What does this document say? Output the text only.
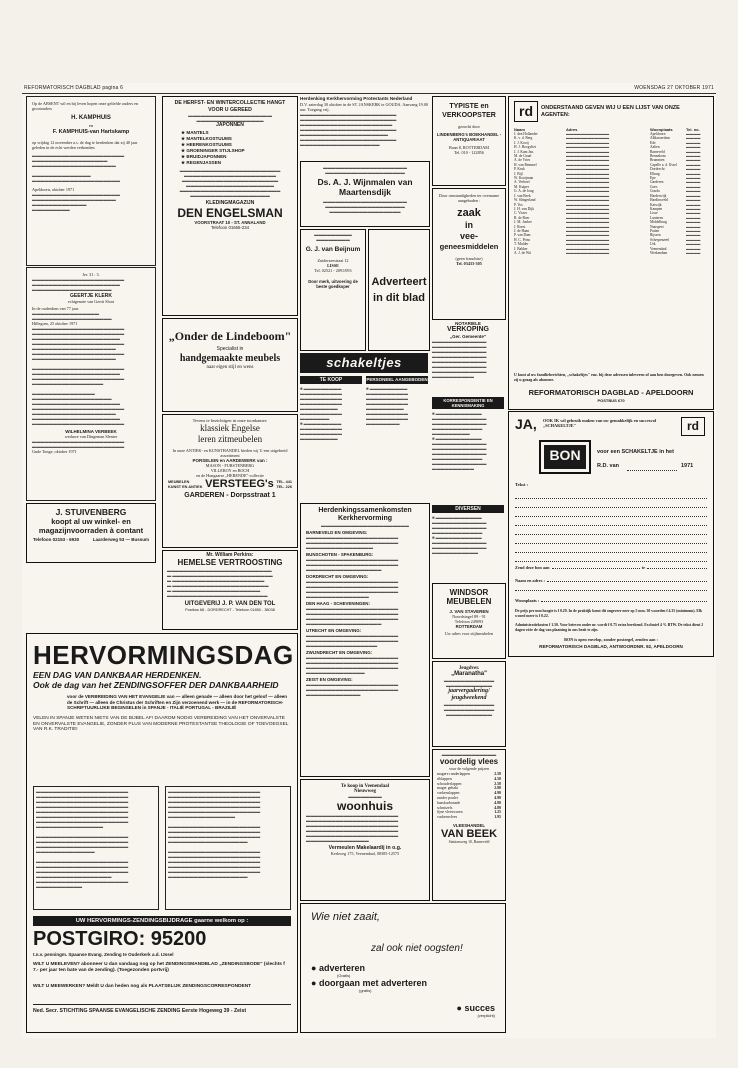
REFORMATORISCH DAGBLAD pagina 6	WOENSDAG 27 OKTOBER 1971
Op de ABSENT wil en bij leven hopen onze geliefde ouders en grootouders
H. KAMPHUIS
en
F. KAMPHUIS-van Hartskamp
op vrijdag 12 november a.s. de dag te herdenken dat zij 40 jaar geleden in de echt werden verbonden.
▬▬▬▬▬▬▬▬▬▬▬▬▬▬▬▬▬▬▬▬▬▬
▬▬▬▬▬▬▬▬▬▬▬▬▬▬▬▬▬▬
▬▬▬▬▬▬▬▬▬▬▬▬▬▬▬▬▬▬▬▬

▬▬▬▬▬▬▬▬▬▬▬▬▬▬
▬▬▬▬▬▬▬▬▬▬▬▬▬▬▬▬▬▬▬▬▬
Apeldoorn, oktober 1971
▬▬▬▬▬▬▬▬▬▬▬▬▬▬▬▬▬▬▬▬▬
▬▬▬▬▬▬▬▬▬▬▬▬▬▬▬▬▬▬▬▬
▬▬▬▬▬▬▬▬▬▬▬▬▬
▬▬▬▬▬▬▬▬▬
Jer. 31 : 3.
▬▬▬▬▬▬▬▬▬▬▬▬▬▬▬▬▬▬▬▬▬▬
▬▬▬▬▬▬▬▬▬▬▬▬▬▬▬▬▬▬▬▬▬
▬▬▬▬▬▬▬▬▬▬▬▬▬▬▬▬▬▬▬
GEERTJE KLERK
echtgenote van Gerrit Sloot
In de ouderdom van 77 jaar.
▬▬▬▬▬▬▬▬▬▬▬▬▬▬▬▬
▬▬▬▬▬▬▬▬▬▬▬▬▬▬▬▬▬▬▬
Hillegom, 25 oktober 1971
▬▬▬▬▬▬▬▬▬▬▬▬▬▬▬▬▬▬▬▬▬▬
▬▬▬▬▬▬▬▬▬▬▬▬▬▬▬▬▬▬▬▬▬▬
▬▬▬▬▬▬▬▬▬▬▬▬▬▬▬▬▬▬▬▬▬
▬▬▬▬▬▬▬▬▬▬▬▬▬▬▬▬▬▬▬▬▬▬
▬▬▬▬▬▬▬▬▬▬▬▬▬▬▬▬▬▬▬▬
▬▬▬▬▬▬▬▬▬▬▬▬▬▬▬▬▬▬▬▬▬▬
▬▬▬▬▬▬▬▬▬▬▬▬▬▬▬▬▬▬▬▬

▬▬▬▬▬▬▬▬▬▬▬▬▬▬▬▬▬▬▬▬▬▬
▬▬▬▬▬▬▬▬▬▬▬▬▬▬▬▬▬▬▬▬▬
▬▬▬▬▬▬▬▬▬▬▬▬▬▬▬▬▬▬▬▬▬▬
▬▬▬▬▬▬▬▬▬▬▬▬▬▬▬▬▬

▬▬▬▬▬▬▬▬▬▬▬▬▬▬▬
▬▬▬▬▬▬▬▬▬▬▬▬▬▬▬▬▬▬▬
▬▬▬▬▬▬▬▬▬▬▬▬▬▬▬▬▬▬▬▬▬
▬▬▬▬▬▬▬▬▬▬▬▬▬▬▬▬▬▬▬▬▬▬
▬▬▬▬▬▬▬▬▬▬▬▬▬▬▬▬▬▬▬▬
▬▬▬▬▬▬▬▬▬▬▬▬▬▬▬▬▬▬▬▬▬
▬▬▬▬▬▬▬▬▬▬▬▬▬▬▬▬▬▬▬▬▬▬
WILHELMINA VERBEEK
weduwe van Dingeman Slenter
▬▬▬▬▬▬▬▬▬▬▬▬▬▬▬▬▬▬▬▬▬▬
▬▬▬▬▬▬▬▬▬▬▬▬▬▬▬▬▬▬▬▬▬▬
Gude Tonge, oktober 1971
J. STUIVENBERG
koopt al uw winkel- en
magazijnvoorraden à contant
Telefoon 02153 - 6930	Laarderweg 53 — Bussum
DE HERFST- EN WINTERCOLLECTIE HANGT VOOR U GEREED
▬▬▬▬▬▬▬▬▬▬▬▬▬▬▬▬▬▬▬▬
▬▬▬▬▬▬▬▬▬▬▬▬▬▬▬▬
JAPONNEN
★ MANTELS
★ MANTELKOSTUUMS
★ HEERENKOSTUUMS
★ GROENINGER STIJLSHOP
★ BRUIDJAPONNEN
★ REGENJASSEN
▬▬▬▬▬▬▬▬▬▬▬▬▬▬▬▬▬▬▬▬▬▬▬▬
▬▬▬▬▬▬▬▬▬▬▬▬▬▬▬▬▬▬▬▬▬▬
▬▬▬▬▬▬▬▬▬▬▬▬▬▬▬▬▬▬▬▬▬▬▬
▬▬▬▬▬▬▬▬▬▬▬▬▬▬▬▬▬▬▬▬▬
▬▬▬▬▬▬▬▬▬▬▬▬▬▬▬▬▬▬▬▬▬▬▬▬
▬▬▬▬▬▬▬▬▬▬▬▬▬▬▬▬▬▬▬
KLEDINGMAGAZIJN
DEN ENGELSMAN
VOORSTRAAT 10 - ST. ANNALAND
Telefoon 01665-234
„Onder de Lindeboom"
Specialist in
handgemaakte meubels
naar eigen stijl en wens
Tevens te bezichtigen in onze toonkamer:
klassiek Engelse
leren zitmeubelen
In onze ANTIEK- en KUNSTHANDEL bieden wij U een uitgebreid assortiment
PORSELEIN en AARDEWERK van :
MASON - FURSTENBERG
VILLEROY en BOCH
en de Hongaarse „HERENDE"-collectie
MEUBELEN
KUNST EN ANTIEK VERSTEEG's TEL. 441
TEL. 226
GARDEREN - Dorpsstraat 1
Mr. William Perkins:
HEMELSE VERTROOSTING
▬▬▬▬▬▬▬▬▬▬▬▬▬▬▬▬▬▬▬▬▬▬▬▬▬
▬ ▬▬▬▬▬▬▬▬▬▬▬▬▬▬▬▬▬▬▬▬▬▬▬▬
▬ ▬▬▬▬▬▬▬▬▬▬▬▬▬▬▬▬▬▬▬▬▬▬
▬ ▬▬▬▬▬▬▬▬▬▬▬▬▬▬▬▬▬▬▬▬▬▬▬
▬ ▬▬▬▬▬▬▬▬▬▬▬▬▬▬▬▬▬▬▬▬▬
▬▬▬▬▬▬▬▬▬▬▬▬▬▬▬▬▬▬▬▬▬▬▬▬
UITGEVERIJ J. P. VAN DEN TOL
Postbus 68 - DORDRECHT - Telefoon 01850 - 38038
Herdenking Kerkhervorming Protestants Nederland
D.V. zaterdag 30 oktober in de ST. JANSKERK te GOUDA. Aanvang 19.00 uur. Toegang vrij.
▬▬▬▬▬▬▬▬▬▬▬▬▬▬▬▬▬▬▬▬▬▬▬
▬▬▬▬▬▬▬▬▬▬▬▬▬▬▬▬▬▬▬▬▬▬▬
▬▬▬▬▬▬▬▬▬▬▬▬▬▬▬▬▬▬▬▬▬▬
▬▬▬▬▬▬▬▬▬▬▬▬▬▬▬▬▬▬▬▬▬▬▬
▬▬▬▬▬▬▬▬▬▬▬▬▬▬▬▬▬▬▬▬▬
▬▬▬▬▬▬▬▬▬▬▬▬▬▬▬▬▬▬▬▬▬▬▬
▬▬▬▬▬▬▬▬▬▬▬▬▬▬▬▬▬▬▬
▬▬▬▬▬▬▬▬▬▬▬▬▬▬▬▬▬▬▬▬
▬▬▬▬▬▬▬▬▬▬▬▬▬▬▬▬▬▬▬
Ds. A. J. Wijnmalen van
Maartensdijk
▬▬▬▬▬▬▬▬▬▬▬▬▬▬▬▬▬▬▬▬
▬▬▬▬▬▬▬▬▬▬▬▬▬▬▬▬▬▬▬
▬▬▬▬▬▬▬▬▬▬▬▬▬▬▬▬▬
▬▬▬▬▬▬▬▬▬
▬▬▬▬▬▬▬▬
G. J. van Beijnum
Zuiderzeestraat 12
LISSE
Tel. 02521 - 2091/093
Door merk, uitvoering de beste goedkoper	Adverteert
in dit blad
schakeltjes
TE KOOP
■ ▬▬▬▬▬▬▬▬▬
▬▬▬▬▬▬▬▬▬▬
▬▬▬▬▬▬▬▬▬▬
▬▬▬▬▬▬▬▬▬▬
▬▬▬▬▬▬▬▬▬
▬▬▬▬▬▬▬▬▬▬
▬▬▬▬▬▬▬
■ ▬▬▬▬▬▬▬▬▬
▬▬▬▬▬▬▬▬▬▬
▬▬▬▬▬▬▬▬▬▬
▬▬▬▬▬▬▬▬▬
PERSONEEL AANGEBODEN
■ ▬▬▬▬▬▬▬▬▬
▬▬▬▬▬▬▬▬▬▬
▬▬▬▬▬▬▬▬▬▬
▬▬▬▬▬▬▬▬▬▬
▬▬▬▬▬▬▬▬▬
▬▬▬▬▬▬▬▬▬▬
▬▬▬▬▬▬▬▬▬▬
▬▬▬▬▬▬▬▬
Herdenkingssamenkomsten
Kerkhervorming
▬▬▬▬▬▬▬▬▬▬▬▬▬▬▬▬▬▬▬▬▬
BARNEVELD EN OMGEVING:
▬▬▬▬▬▬▬▬▬▬▬▬▬▬▬▬▬▬▬▬▬▬
▬▬▬▬▬▬▬▬▬▬▬▬▬▬▬▬▬▬▬▬▬▬
▬▬▬▬▬▬▬▬▬▬▬▬▬▬▬▬
BUNSCHOTEN - SPAKENBURG:
▬▬▬▬▬▬▬▬▬▬▬▬▬▬▬▬▬▬▬▬▬▬
▬▬▬▬▬▬▬▬▬▬▬▬▬▬▬▬▬▬▬▬▬▬
▬▬▬▬▬▬▬▬▬▬▬▬▬▬▬▬▬▬
DORDRECHT EN OMGEVING:
▬▬▬▬▬▬▬▬▬▬▬▬▬▬▬▬▬▬▬▬▬▬
▬▬▬▬▬▬▬▬▬▬▬▬▬▬▬▬▬▬▬▬▬▬
▬▬▬▬▬▬▬▬▬▬▬▬▬▬▬▬▬▬▬▬▬▬
▬▬▬▬▬▬▬▬▬▬▬▬▬▬▬
DEN HAAG - SCHEVENINGEN:
▬▬▬▬▬▬▬▬▬▬▬▬▬▬▬▬▬▬▬▬▬▬
▬▬▬▬▬▬▬▬▬▬▬▬▬▬▬▬▬▬▬▬▬▬
▬▬▬▬▬▬▬▬▬▬▬▬▬▬▬▬▬▬▬▬▬▬
▬▬▬▬▬▬▬▬▬▬▬▬▬▬▬▬▬▬
UTRECHT EN OMGEVING:
▬▬▬▬▬▬▬▬▬▬▬▬▬▬▬▬▬▬▬▬▬▬
▬▬▬▬▬▬▬▬▬▬▬▬▬▬▬▬▬▬▬▬▬▬
▬▬▬▬▬▬▬▬▬▬▬▬▬▬▬▬▬
ZWIJNDRECHT EN OMGEVING:
▬▬▬▬▬▬▬▬▬▬▬▬▬▬▬▬▬▬▬▬▬▬
▬▬▬▬▬▬▬▬▬▬▬▬▬▬▬▬▬▬▬▬▬▬
▬▬▬▬▬▬▬▬▬▬▬▬▬▬▬▬▬▬▬▬▬▬
▬▬▬▬▬▬▬▬▬▬▬▬▬▬
ZEIST EN OMGEVING:
▬▬▬▬▬▬▬▬▬▬▬▬▬▬▬▬▬▬▬▬▬▬
▬▬▬▬▬▬▬▬▬▬▬▬▬▬▬▬▬▬▬▬▬▬
▬▬▬▬▬▬▬▬▬▬▬▬▬
Te koop in Veenendaal
Nieuwweg
▬▬▬▬▬▬▬▬
woonhuis
▬▬▬▬▬▬▬▬▬▬▬▬▬▬▬▬▬▬▬▬▬▬
▬▬▬▬▬▬▬▬▬▬▬▬▬▬▬▬▬▬▬▬▬▬
▬▬▬▬▬▬▬▬▬▬▬▬▬▬▬▬▬▬▬▬▬▬
▬▬▬▬▬▬▬▬▬▬▬▬▬▬▬▬▬▬▬▬▬▬
▬▬▬▬▬▬▬▬▬▬▬▬▬▬▬▬▬▬▬▬▬▬
▬▬▬▬▬▬▬▬▬▬▬▬▬▬▬
Vermeulen Makelaardij in o.g.
Kerkweg 175, Veenendaal, 08385-12575
Wie niet zaait,
zal ook niet oogsten!
● adverteren
(Gratis)
● doorgaan met adverteren
(gratis)
● succes
(verplicht)
TYPISTE en
VERKOOPSTER
gezocht door
LINDENBERG's BOEKHANDEL - ANTIQUARIAAT
Baan 8, ROTTERDAM
Tel. 010 - 122856
Door omstandigheden ter overname aangeboden :
zaak
in
vee-
geneesmiddelen
(geen franchise)
Tel. 03433-305
NOTARIELE
VERKOPING
„Ger. Gemeente"
▬▬▬▬▬▬▬▬▬▬▬▬▬
▬▬▬▬▬▬▬▬▬▬▬▬▬
▬▬▬▬▬▬▬▬▬▬▬▬▬
▬▬▬▬▬▬▬▬▬▬▬▬▬
▬▬▬▬▬▬▬▬▬▬▬▬▬
▬▬▬▬▬▬▬▬▬▬▬▬▬
▬▬▬▬▬▬▬▬▬▬▬▬▬
▬▬▬▬▬▬▬▬▬▬
KORRESPONDENTIE EN KENNISMAKING
■ ▬▬▬▬▬▬▬▬▬▬▬
▬▬▬▬▬▬▬▬▬▬▬▬▬
▬▬▬▬▬▬▬▬▬▬▬▬▬
▬▬▬▬▬▬▬▬▬▬▬▬
▬▬▬▬▬▬▬▬▬
■ ▬▬▬▬▬▬▬▬▬▬▬
▬▬▬▬▬▬▬▬▬▬▬▬▬
▬▬▬▬▬▬▬▬▬▬▬▬▬
▬▬▬▬▬▬▬▬▬▬▬▬▬
▬▬▬▬▬▬▬▬▬▬▬▬
▬▬▬▬▬▬▬▬▬▬▬▬▬
▬▬▬▬▬▬▬▬▬▬
DIVERSEN
■ ▬▬▬▬▬▬▬▬▬▬▬
▬▬▬▬▬▬▬▬▬▬▬▬▬
▬▬▬▬▬▬▬▬▬▬▬▬▬
▬▬▬▬▬▬▬▬▬▬▬▬
■ ▬▬▬▬▬▬▬▬▬▬▬
▬▬▬▬▬▬▬▬▬▬▬▬▬
▬▬▬▬▬▬▬▬▬▬▬▬▬
▬▬▬▬▬▬▬▬▬▬▬
WINDSOR
MEUBELEN
J. VAN STAVEREN
Noordsingel 89 - 91
Telefoon 249093
ROTTERDAM
Uw adres voor stijlmeubelen
Jeugdver.
„Maranatha"
▬▬▬▬▬▬▬▬▬▬▬▬
▬▬▬▬▬▬▬▬▬▬▬
jaarvergadering/
jeugdweekend
▬▬▬▬▬▬▬▬▬▬▬▬
▬▬▬▬▬▬▬▬▬▬▬▬
▬▬▬▬▬▬▬▬▬▬▬
▬▬▬▬▬▬▬▬▬▬▬▬▬
voordelig vlees
voor de volgende prijzen
magere runderlappen	2.58
riblappen	4.50
schouderlappen	2.58
mager gehakt	2.80
varkenslappen	4.90
runder poulet	4.90
haaskarbonade	4.90
schnitzels	4.80
fijne vleeswaren	1.25
varkensvlees	1.95
VLEESHANDEL
VAN BEEK
Stationsweg 10, Barneveld
rd	ONDERSTAAND GEVEN WIJ U EEN LIJST VAN ONZE AGENTEN:
Naam	Adres	Woonplaats	Tel. no.
J. den Hollander	▬▬▬▬▬▬▬▬▬▬▬▬	Apeldoorn	▬▬▬▬
K. v. d. Berg	▬▬▬▬▬▬▬▬▬▬▬▬	Alblasserdam	▬▬▬▬
J. J. Kooij	▬▬▬▬▬▬▬▬▬▬▬▬	Ede	▬▬▬▬
H. J. Hoogvliet	▬▬▬▬▬▬▬▬▬▬▬▬	Aalten	▬▬▬▬
J. J. Kam Jzn.	▬▬▬▬▬▬▬▬▬▬▬▬	Barneveld	▬▬▬▬
M. de Graaf	▬▬▬▬▬▬▬▬▬▬▬▬	Bennekom	▬▬▬▬
A. de Vries	▬▬▬▬▬▬▬▬▬▬▬▬	Brummen	▬▬▬▬
H. van Bemmel	▬▬▬▬▬▬▬▬▬▬▬▬	Capelle a. d. IJssel	▬▬▬▬
P. Kruk	▬▬▬▬▬▬▬▬▬▬▬▬	Dordrecht	▬▬▬▬
J. Bijl	▬▬▬▬▬▬▬▬▬▬▬▬	Elburg	▬▬▬▬
W. Kooijman	▬▬▬▬▬▬▬▬▬▬▬▬	Epe	▬▬▬▬
A. Verhoef	▬▬▬▬▬▬▬▬▬▬▬▬	Garderen	▬▬▬▬
M. Kuiper	▬▬▬▬▬▬▬▬▬▬▬▬	Goes	▬▬▬▬
G. A. de Jong	▬▬▬▬▬▬▬▬▬▬▬▬	Gouda	▬▬▬▬
J. van Beek	▬▬▬▬▬▬▬▬▬▬▬▬	Harderwijk	▬▬▬▬
W. Slingerland	▬▬▬▬▬▬▬▬▬▬▬▬	Hardinxveld	▬▬▬▬
P. Vos	▬▬▬▬▬▬▬▬▬▬▬▬	Katwijk	▬▬▬▬
J. H. van Dijk	▬▬▬▬▬▬▬▬▬▬▬▬	Kampen	▬▬▬▬
C. Visser	▬▬▬▬▬▬▬▬▬▬▬▬	Lisse	▬▬▬▬
R. de Boer	▬▬▬▬▬▬▬▬▬▬▬▬	Lunteren	▬▬▬▬
J. M. Jonker	▬▬▬▬▬▬▬▬▬▬▬▬	Middelburg	▬▬▬▬
J. Roest	▬▬▬▬▬▬▬▬▬▬▬▬	Nunspeet	▬▬▬▬
J. de Haan	▬▬▬▬▬▬▬▬▬▬▬▬	Putten	▬▬▬▬
P. van Dam	▬▬▬▬▬▬▬▬▬▬▬▬	Rijssen	▬▬▬▬
H. C. Prins	▬▬▬▬▬▬▬▬▬▬▬▬	Scherpenzeel	▬▬▬▬
T. Mulder	▬▬▬▬▬▬▬▬▬▬▬▬	Urk	▬▬▬▬
J. Bakker	▬▬▬▬▬▬▬▬▬▬▬▬	Veenendaal	▬▬▬▬
A. J. de Wit	▬▬▬▬▬▬▬▬▬▬▬▬	Werkendam	▬▬▬▬
U kunt al uw familieberichten, „schakeltjes" enz. bij deze adressen inleveren of aan hen doorgeven. Ook nemen zij u graag als abonnee.
REFORMATORISCH DAGBLAD - APELDOORN
POSTBUS 670
JA, OOK IK wil gebruik maken van uw gemakkelijk en succesvol „SCHAKELTJE"	rd
BON	voor een SCHAKELTJE in het
R.D. van	1971
Tekst :
Zend deze bon aan	te
Naam en adres :
Woonplaats :
De prijs per mm hoogte is f 0.29. In de praktijk komt dit ongeveer neer op 5 mm. 30 woorden f 4.35 (minimum). Elk woord meer is f 0.22.
Administratiekosten f 1.50. Voor brieven onder nr. wordt f 0.75 extra berekend. Exclusief 4 % BTW. De tekst dient 2 dagen vóór de dag van plaatsing in ons bezit te zijn.
BON is open envelop, zonder postzegel, zenden aan :
REFORMATORISCH DAGBLAD, ANTWOORDNR. 92, APELDOORN
HERVORMINGSDAG
EEN DAG VAN DANKBAAR HERDENKEN.
Ook de dag van het ZENDINGSOFFER DER DANKBAARHEID
voor de VERBREIDING VAN HET EVANGELIE van — alleen genade — alleen door het geloof — alleen de Schrift — alleen de Christus der Schriften en Zijn verzoenend werk — in de REFORMATORISCH-SCHRIFTUURLIJKE BEGINSELEN in SPANJE - ITALIË PORTUGAL - BRAZILIË
VELEN IN SPANJE WETEN NIETS VAN DE BIJBEL AF! DAAROM NODIG VERBREIDING VAN HET ONVERVALSTE EN ONVERVALSTE EVANGELIE, ZONDER PLUS VAN MODERNE PROTESTANTSE THEOLOGIE OF TOEVOEGSEL VAN R.K. TRADITIE!
▬▬▬▬▬▬▬▬▬▬▬▬▬▬▬▬▬▬▬▬▬▬
▬▬▬▬▬▬▬▬▬▬▬▬▬▬▬▬▬▬▬▬▬▬
▬▬▬▬▬▬▬▬▬▬▬▬▬▬▬▬▬▬▬▬▬▬
▬▬▬▬▬▬▬▬▬▬▬▬▬▬▬▬▬▬▬▬▬▬
▬▬▬▬▬▬▬▬▬▬▬▬▬▬▬▬▬▬▬▬▬▬
▬▬▬▬▬▬▬▬▬▬▬▬▬▬▬▬▬▬▬▬▬▬
▬▬▬▬▬▬▬▬▬▬▬▬▬▬▬▬▬▬▬▬▬▬
▬▬▬▬▬▬▬▬▬▬▬▬▬▬▬▬

▬▬▬▬▬▬▬▬▬▬▬▬▬▬▬▬▬▬▬▬▬▬
▬▬▬▬▬▬▬▬▬▬▬▬▬▬▬▬▬▬▬▬▬▬
▬▬▬▬▬▬▬▬▬▬▬▬▬▬▬▬▬▬▬▬▬▬
▬▬▬▬▬▬▬▬▬▬▬▬▬▬

▬▬▬▬▬▬▬▬▬▬▬▬▬▬▬▬▬▬▬▬▬▬
▬▬▬▬▬▬▬▬▬▬▬▬▬▬▬▬▬▬▬▬▬▬
▬▬▬▬▬▬▬▬▬▬▬▬▬▬▬▬▬▬▬▬▬▬
▬▬▬▬▬▬▬▬▬▬▬▬▬▬▬▬▬▬
▬▬▬▬▬▬▬▬▬▬▬▬▬▬▬▬▬▬▬▬▬▬
▬▬▬▬▬▬▬▬▬▬▬
▬▬▬▬▬▬▬▬▬▬▬▬▬▬▬▬▬▬▬▬▬▬
▬▬▬▬▬▬▬▬▬▬▬▬▬▬▬▬▬▬▬▬▬▬
▬▬▬▬▬▬▬▬▬▬▬▬▬▬▬▬▬▬▬▬▬▬
▬▬▬▬▬▬▬▬▬▬▬▬▬▬▬▬▬▬▬▬▬▬
▬▬▬▬▬▬▬▬▬▬▬▬▬▬▬▬▬▬▬▬▬▬
▬▬▬▬▬▬▬▬▬▬▬▬▬▬▬▬

▬▬▬▬▬▬▬▬▬▬▬▬▬▬▬▬▬▬▬▬▬▬
▬▬▬▬▬▬▬▬▬▬▬▬▬▬▬▬▬▬▬▬▬▬
▬▬▬▬▬▬▬▬▬▬▬▬▬▬▬▬▬▬▬▬▬▬
▬▬▬▬▬▬▬▬▬▬▬▬▬▬▬▬▬▬▬

▬▬▬▬▬▬▬▬▬▬▬▬▬▬▬▬▬▬▬▬▬▬
▬▬▬▬▬▬▬▬▬▬▬▬▬▬▬▬▬▬▬▬▬▬
▬▬▬▬▬▬▬▬▬▬▬▬▬▬▬▬▬▬▬▬▬▬
▬▬▬▬▬▬▬▬▬▬▬▬▬▬▬▬▬▬▬▬▬▬
▬▬▬▬▬▬▬▬▬▬▬▬▬▬▬▬▬▬▬▬▬▬
▬▬▬▬▬▬▬▬▬▬▬▬▬▬▬▬▬▬▬
UW HERVORMINGS-ZENDINGSBIJDRAGE gaarne welkom op :
POSTGIRO: 95200
t.n.v. penningm. Spaanse Evang. Zending te Ouderkerk a.d. IJssel
WILT U MEELEVEN? abonneer U dan vandaag nog op het ZENDINGSMANDBLAD „ZENDINGSBODE" (slechts f 7.- per jaar ten bate van de zending). (Toegezonden portvrij)
WILT U MEEWERKEN? Meldt U dan heden nog als PLAATSELIJK ZENDINGSCORRESPONDENT
Ned. Secr. STICHTING SPAANSE EVANGELISCHE ZENDING Eerste Hogeweg 39 - Zeist
